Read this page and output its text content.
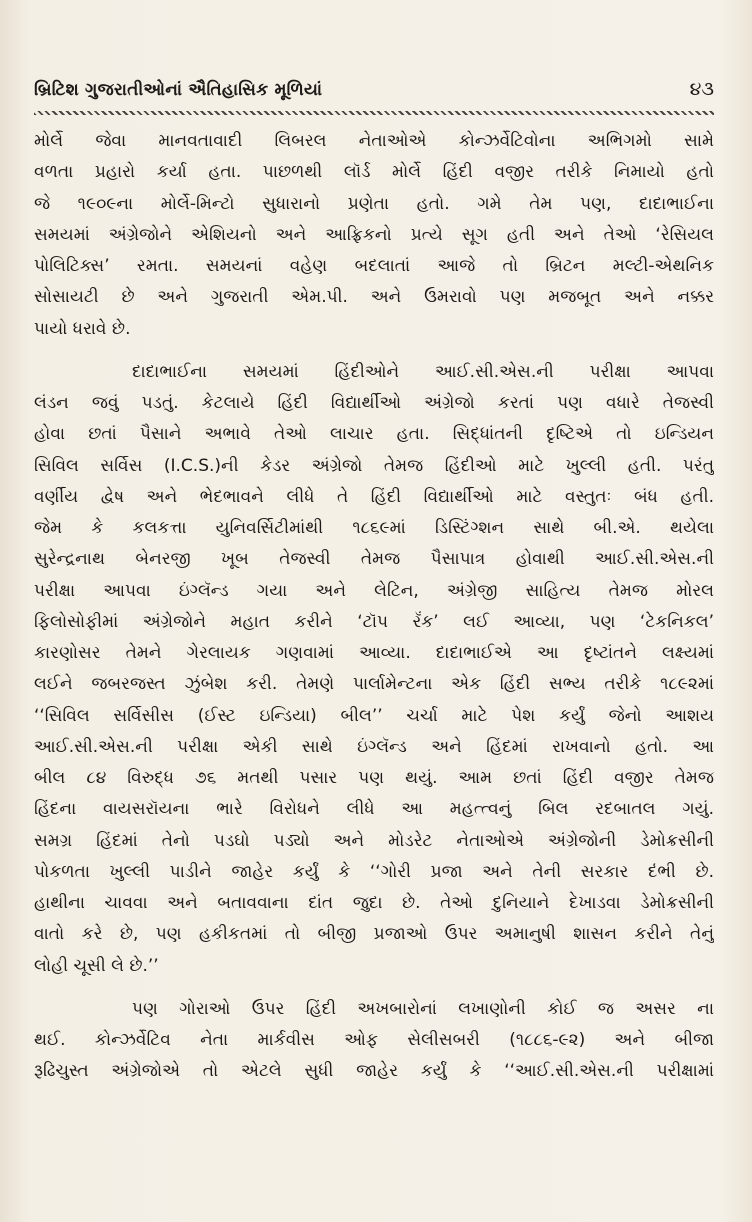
બ્રિટિશ ગુજરાતીઓનાં ઐતિહાસિક મૂળિયાં	૪૩
મોર્લે જેવા માનવતાવાદી લિબરલ નેતાઓએ કોન્ઝર્વેટિવોના અભિગમો સામે
વળતા પ્રહારો કર્યા હતા. પાછળથી લૉર્ડ મોર્લે હિંદી વજીર તરીકે નિમાયો હતો
જે ૧૯૦૯ના મોર્લે-મિન્ટો સુધારાનો પ્રણેતા હતો. ગમે તેમ પણ, દાદાભાઈના
સમયમાં અંગ્રેજોને એશિયનો અને આફ્રિકનો પ્રત્યે સૂગ હતી અને તેઓ ‘રેસિયલ
પોલિટિક્સ’ રમતા. સમયનાં વહેણ બદલાતાં આજે તો બ્રિટન મલ્ટી-એથનિક
સોસાયટી છે અને ગુજરાતી એમ.પી. અને ઉમરાવો પણ મજબૂત અને નક્કર
પાયો ધરાવે છે.
દાદાભાઈના સમયમાં હિંદીઓને આઈ.સી.એસ.ની પરીક્ષા આપવા
લંડન જવું પડતું. કેટલાયે હિંદી વિદ્યાર્થીઓ અંગ્રેજો કરતાં પણ વધારે તેજસ્વી
હોવા છતાં પૈસાને અભાવે તેઓ લાચાર હતા. સિદ્ધાંતની દૃષ્ટિએ તો ઇન્ડિયન
સિવિલ સર્વિસ (I.C.S.)ની કેડર અંગ્રેજો તેમજ હિંદીઓ માટે ખુલ્લી હતી. પરંતુ
વર્ણીય દ્વેષ અને ભેદભાવને લીધે તે હિંદી વિદ્યાર્થીઓ માટે વસ્તુતઃ બંધ હતી.
જેમ કે કલકત્તા યુનિવર્સિટીમાંથી ૧૮૬૯માં ડિસ્ટિંગ્શન સાથે બી.એ. થયેલા
સુરેન્દ્રનાથ બેનરજી ખૂબ તેજસ્વી તેમજ પૈસાપાત્ર હોવાથી આઈ.સી.એસ.ની
પરીક્ષા આપવા ઇંગ્લૅન્ડ ગયા અને લેટિન, અંગ્રેજી સાહિત્ય તેમજ મોરલ
ફિલોસોફીમાં અંગ્રેજોને મહાત કરીને ‘ટૉપ રૅંક’ લઈ આવ્યા, પણ ‘ટેકનિકલ’
કારણોસર તેમને ગેરલાયક ગણવામાં આવ્યા. દાદાભાઈએ આ દૃષ્ટાંતને લક્ષ્યમાં
લઈને જબરજસ્ત ઝુંબેશ કરી. તેમણે પાર્લામેન્ટના એક હિંદી સભ્ય તરીકે ૧૮૯૨માં
‘‘સિવિલ સર્વિસીસ (ઈસ્ટ ઇન્ડિયા) બીલ’’ ચર્ચા માટે પેશ કર્યું જેનો આશય
આઈ.સી.એસ.ની પરીક્ષા એકી સાથે ઇંગ્લૅન્ડ અને હિંદમાં રાખવાનો હતો. આ
બીલ ૮૪ વિરુદ્ધ ૭૬ મતથી પસાર પણ થયું. આમ છતાં હિંદી વજીર તેમજ
હિંદના વાયસરૉયના ભારે વિરોધને લીધે આ મહત્ત્વનું બિલ રદબાતલ ગયું.
સમગ્ર હિંદમાં તેનો પડઘો પડ્યો અને મોડરેટ નેતાઓએ અંગ્રેજોની ડેમોક્રસીની
પોકળતા ખુલ્લી પાડીને જાહેર કર્યું કે ‘‘ગોરી પ્રજા અને તેની સરકાર દંભી છે.
હાથીના ચાવવા અને બતાવવાના દાંત જુદા છે. તેઓ દુનિયાને દેખાડવા ડેમોક્રસીની
વાતો કરે છે, પણ હકીકતમાં તો બીજી પ્રજાઓ ઉપર અમાનુષી શાસન કરીને તેનું
લોહી ચૂસી લે છે.’’
પણ ગોરાઓ ઉપર હિંદી અખબારોનાં લખાણોની કોઈ જ અસર ના
થઈ. કોન્ઝર્વેટિવ નેતા માર્કવીસ ઓફ સેલીસબરી (૧૮૮૬-૯૨) અને બીજા
રૂઢિચુસ્ત અંગ્રેજોએ તો એટલે સુધી જાહેર કર્યું કે ‘‘આઈ.સી.એસ.ની પરીક્ષામાં
